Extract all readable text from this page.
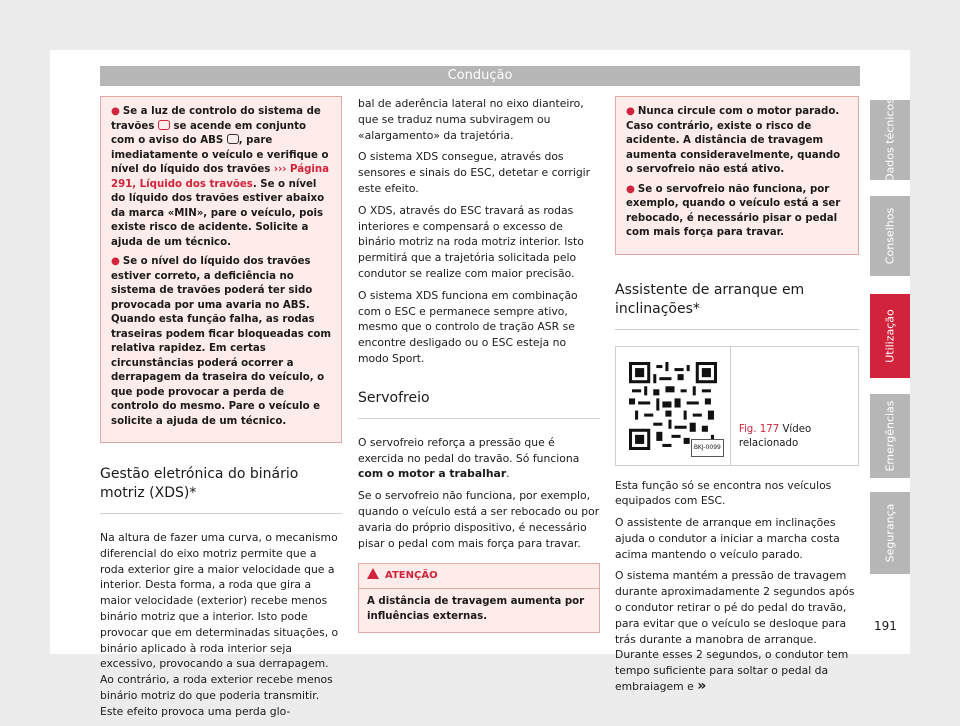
Condução
● Se a luz de controlo do sistema de travões se acende em conjunto com o aviso do ABS , pare imediatamente o veículo e verifique o nível do líquido dos travões ››› Página 291, Líquido dos travões. Se o nível do líquido dos travões estiver abaixo da marca «MIN», pare o veículo, pois existe risco de acidente. Solicite a ajuda de um técnico.
● Se o nível do líquido dos travões estiver correto, a deficiência no sistema de travões poderá ter sido provocada por uma avaria no ABS. Quando esta função falha, as rodas traseiras podem ficar bloqueadas com relativa rapidez. Em certas circunstâncias poderá ocorrer a derrapagem da traseira do veículo, o que pode provocar a perda de controlo do mesmo. Pare o veículo e solicite a ajuda de um técnico.
Gestão eletrónica do binário motriz (XDS)*

Na altura de fazer uma curva, o mecanismo diferencial do eixo motriz permite que a roda exterior gire a maior velocidade que a interior. Desta forma, a roda que gira a maior velocidade (exterior) recebe menos binário motriz que a interior. Isto pode provocar que em determinadas situações, o binário aplicado à roda interior seja excessivo, provocando a sua derrapagem. Ao contrário, a roda exterior recebe menos binário motriz do que poderia transmitir. Este efeito provoca uma perda glo-

bal de aderência lateral no eixo dianteiro, que se traduz numa subviragem ou «alargamento» da trajetória.

O sistema XDS consegue, através dos sensores e sinais do ESC, detetar e corrigir este efeito.

O XDS, através do ESC travará as rodas interiores e compensará o excesso de binário motriz na roda motriz interior. Isto permitirá que a trajetória solicitada pelo condutor se realize com maior precisão.

O sistema XDS funciona em combinação com o ESC e permanece sempre ativo, mesmo que o controlo de tração ASR se encontre desligado ou o ESC esteja no modo Sport.

Servofreio

O servofreio reforça a pressão que é exercida no pedal do travão. Só funciona com o motor a trabalhar.

Se o servofreio não funciona, por exemplo, quando o veículo está a ser rebocado ou por avaria do próprio dispositivo, é necessário pisar o pedal com mais força para travar.

ATENÇÃO
A distância de travagem aumenta por influências externas.
● Nunca circule com o motor parado. Caso contrário, existe o risco de acidente. A distância de travagem aumenta consideravelmente, quando o servofreio não está ativo.
● Se o servofreio não funciona, por exemplo, quando o veículo está a ser rebocado, é necessário pisar o pedal com mais força para travar.
Assistente de arranque em inclinações*
BKJ-0099
Fig. 177 Vídeo relacionado

Esta função só se encontra nos veículos equipados com ESC.

O assistente de arranque em inclinações ajuda o condutor a iniciar a marcha costa acima mantendo o veículo parado.

O sistema mantém a pressão de travagem durante aproximadamente 2 segundos após o condutor retirar o pé do pedal do travão, para evitar que o veículo se desloque para trás durante a manobra de arranque. Durante esses 2 segundos, o condutor tem tempo suficiente para soltar o pedal da embraiagem e »

Dados técnicos
Conselhos
Utilização
Emergências
Segurança
191
